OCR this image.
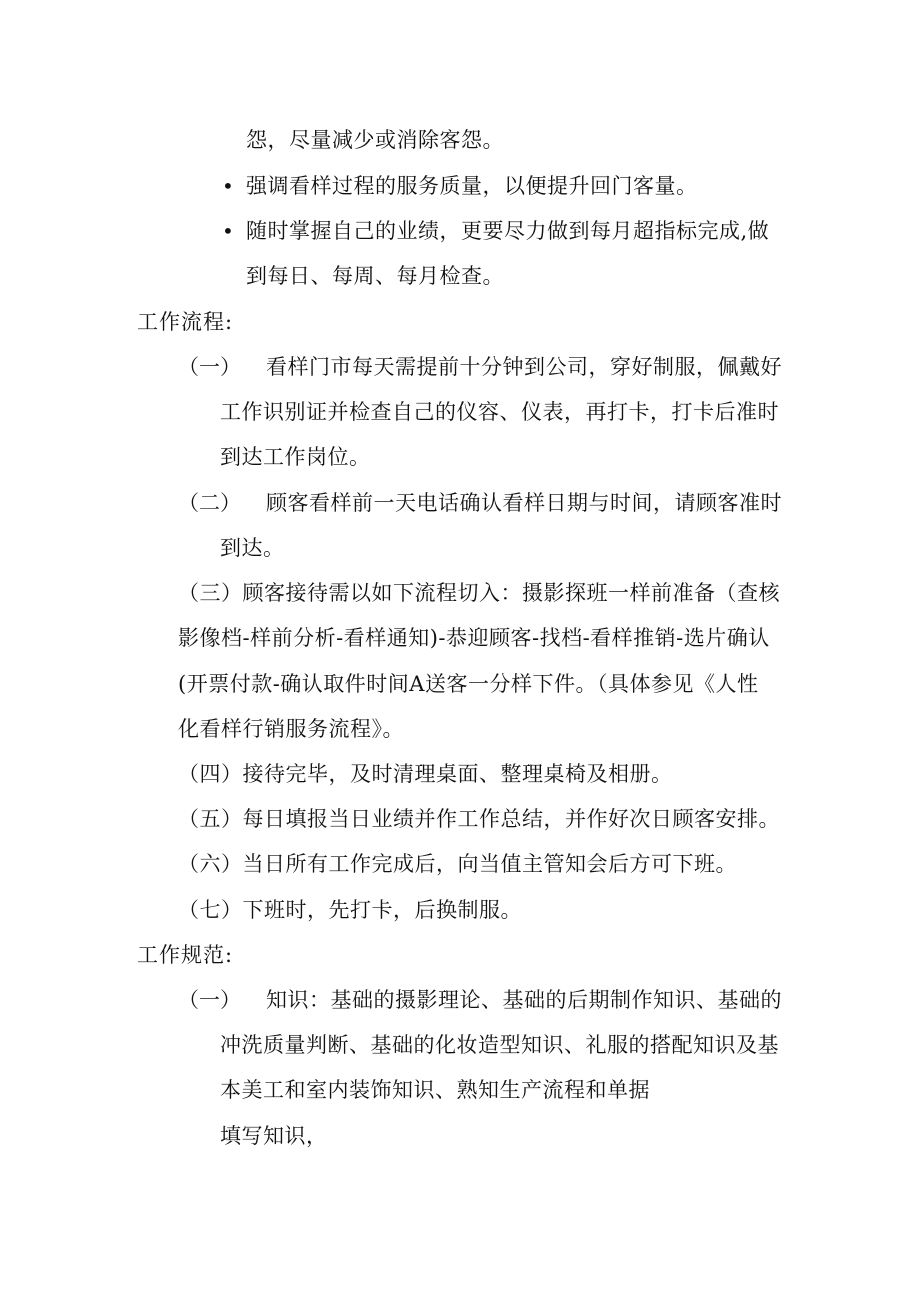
怨，尽量减少或消除客怨。
• 强调看样过程的服务质量，以便提升回门客量。
• 随时掌握自己的业绩，更要尽力做到每月超指标完成,做
到每日、每周、每月检查。
工作流程:
（一） 看样门市每天需提前十分钟到公司，穿好制服，佩戴好
工作识别证并检查自己的仪容、仪表，再打卡，打卡后准时
到达工作岗位。
（二） 顾客看样前一天电话确认看样日期与时间，请顾客准时
到达。
（三）顾客接待需以如下流程切入：摄影探班一样前准备（查核
影像档-样前分析-看样通知)-恭迎顾客-找档-看样推销-选片确认
(开票付款-确认取件时间A送客一分样下件。（具体参见《人性
化看样行销服务流程》。
（四）接待完毕，及时清理桌面、整理桌椅及相册。
（五）每日填报当日业绩并作工作总结，并作好次日顾客安排。
（六）当日所有工作完成后，向当值主管知会后方可下班。
（七）下班时，先打卡，后换制服。
工作规范:
（一） 知识：基础的摄影理论、基础的后期制作知识、基础的
冲洗质量判断、基础的化妆造型知识、礼服的搭配知识及基
本美工和室内装饰知识、熟知生产流程和单据
填写知识，
